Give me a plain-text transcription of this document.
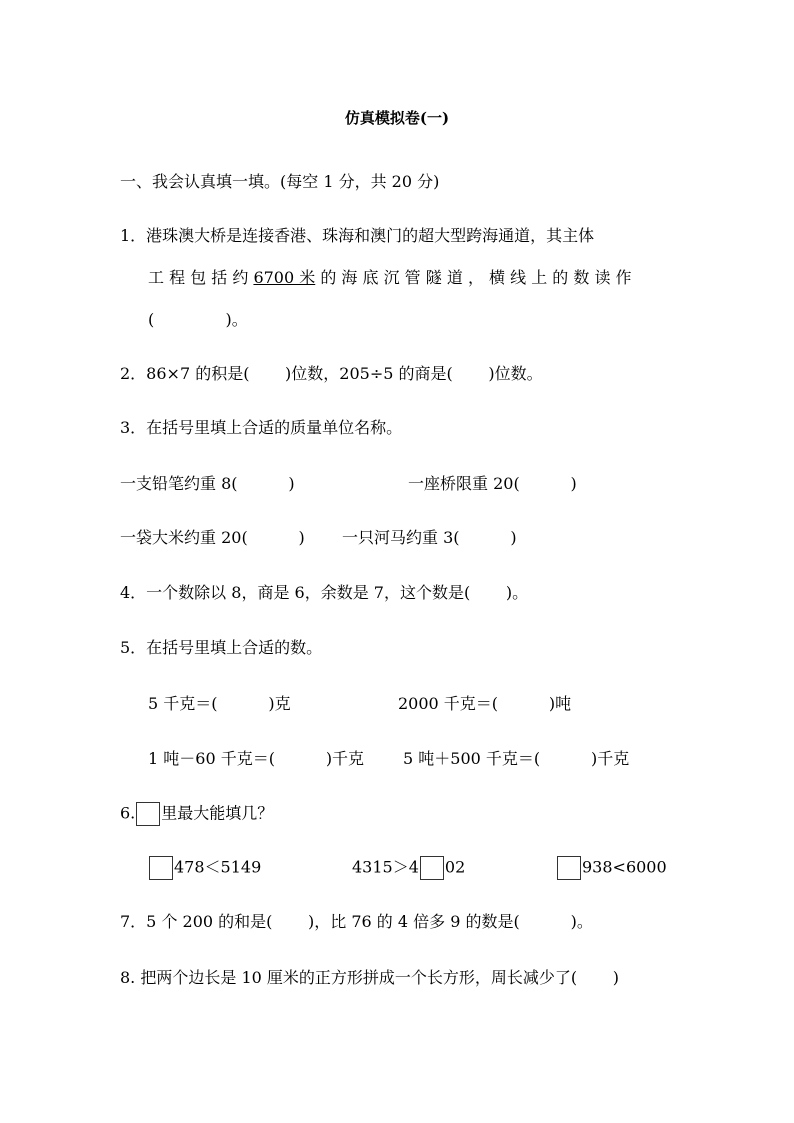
仿真模拟卷(一)
一、我会认真填一填。(每空 1 分，共 20 分)
1．港珠澳大桥是连接香港、珠海和澳门的超大型跨海通道，其主体
工 程 包 括 约 6700 米 的 海 底 沉 管 隧 道 ， 横 线 上 的 数 读 作
(              )。
2．86×7 的积是(       )位数，205÷5 的商是(       )位数。
3．在括号里填上合适的质量单位名称。
一支铅笔约重 8(          )	一座桥限重 20(          )
一袋大米约重 20(          ) 一只河马约重 3(          )
4．一个数除以 8，商是 6，余数是 7，这个数是(       )。
5．在括号里填上合适的数。
5 千克＝(          )克	2000 千克＝(          )吨
1 吨－60 千克＝(          )千克 5 吨＋500 千克＝(          )千克
6. 里最大能填几？
478＜5149	4315＞4 02	938<6000
7．5 个 200 的和是(       )，比 76 的 4 倍多 9 的数是(          )。
8. 把两个边长是 10 厘米的正方形拼成一个长方形，周长减少了(       )
